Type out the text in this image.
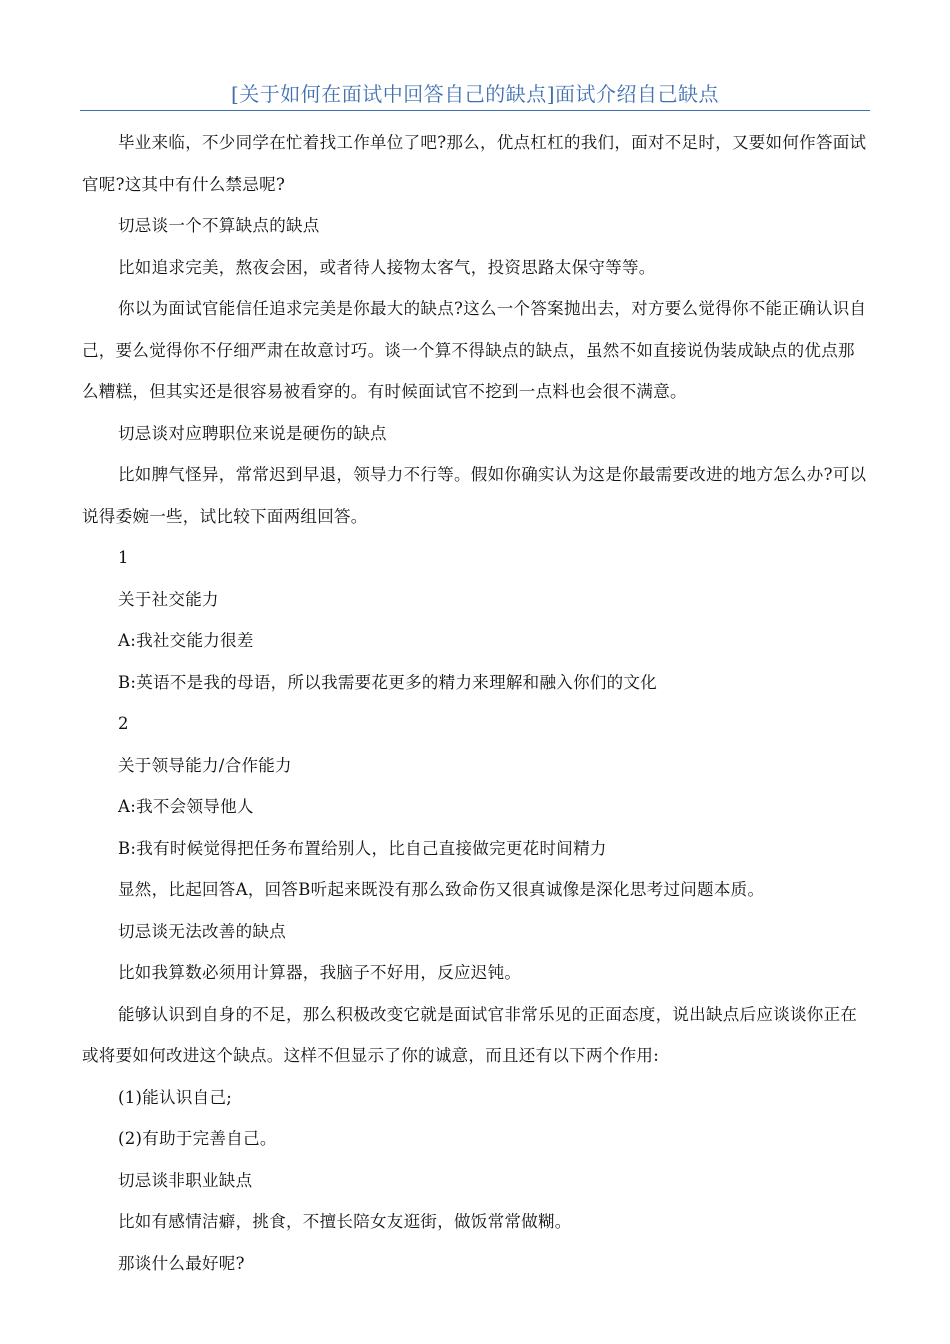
[关于如何在面试中回答自己的缺点]面试介绍自己缺点

毕业来临，不少同学在忙着找工作单位了吧?那么，优点杠杠的我们，面对不足时，又要如何作答面试官呢?这其中有什么禁忌呢?

切忌谈一个不算缺点的缺点

比如追求完美，熬夜会困，或者待人接物太客气，投资思路太保守等等。

你以为面试官能信任追求完美是你最大的缺点?这么一个答案抛出去，对方要么觉得你不能正确认识自己，要么觉得你不仔细严肃在故意讨巧。谈一个算不得缺点的缺点，虽然不如直接说伪装成缺点的优点那么糟糕，但其实还是很容易被看穿的。有时候面试官不挖到一点料也会很不满意。

切忌谈对应聘职位来说是硬伤的缺点

比如脾气怪异，常常迟到早退，领导力不行等。假如你确实认为这是你最需要改进的地方怎么办?可以说得委婉一些，试比较下面两组回答。

1

关于社交能力

A:我社交能力很差

B:英语不是我的母语，所以我需要花更多的精力来理解和融入你们的文化

2

关于领导能力/合作能力

A:我不会领导他人

B:我有时候觉得把任务布置给别人，比自己直接做完更花时间精力

显然，比起回答A，回答B听起来既没有那么致命伤又很真诚像是深化思考过问题本质。

切忌谈无法改善的缺点

比如我算数必须用计算器，我脑子不好用，反应迟钝。

能够认识到自身的不足，那么积极改变它就是面试官非常乐见的正面态度，说出缺点后应谈谈你正在或将要如何改进这个缺点。这样不但显示了你的诚意，而且还有以下两个作用:

(1)能认识自己;

(2)有助于完善自己。

切忌谈非职业缺点

比如有感情洁癖，挑食，不擅长陪女友逛街，做饭常常做糊。

那谈什么最好呢?
